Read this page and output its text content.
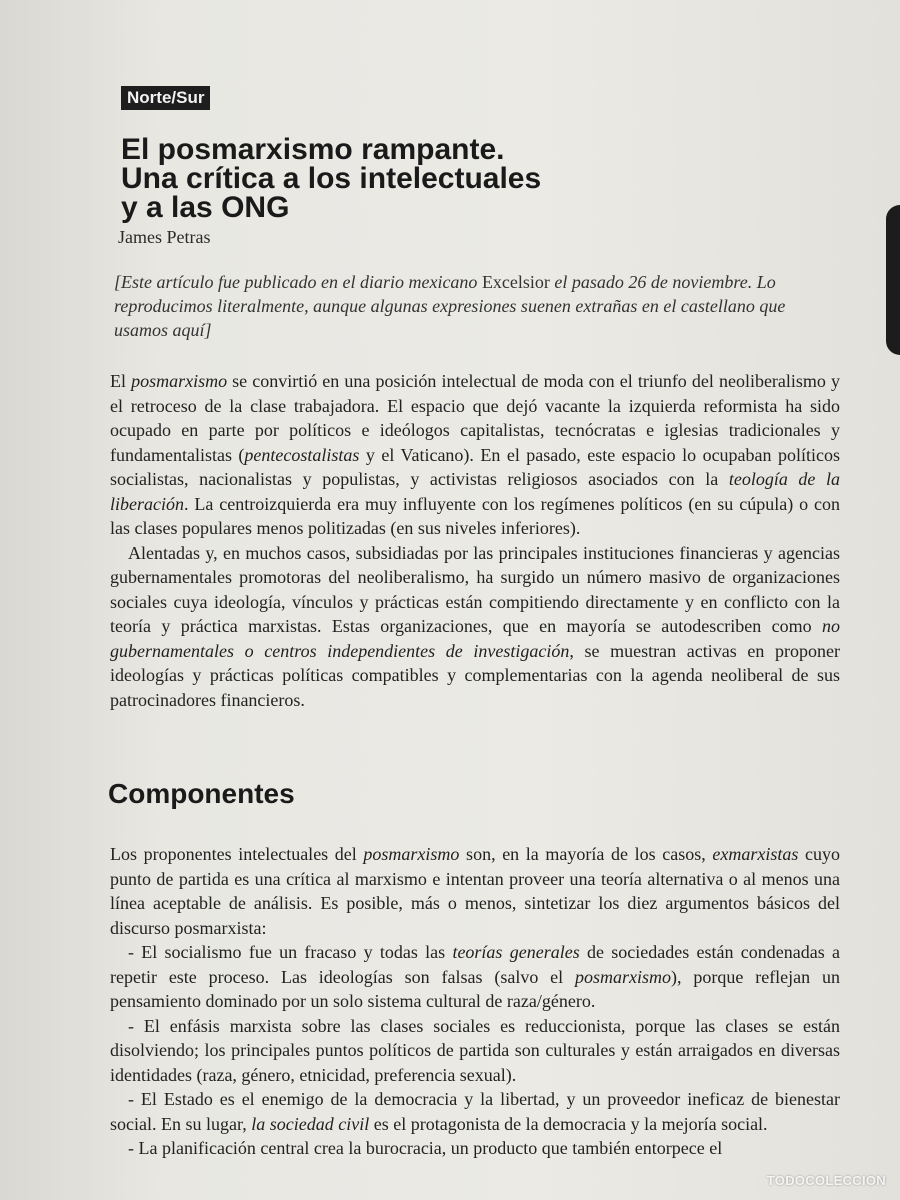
Norte/Sur
El posmarxismo rampante.
Una crítica a los intelectuales
y a las ONG
James Petras
[Este artículo fue publicado en el diario mexicano Excelsior el pasado 26 de noviembre. Lo reproducimos literalmente, aunque algunas expresiones suenen extrañas en el castellano que usamos aquí]

El posmarxismo se convirtió en una posición intelectual de moda con el triunfo del neoliberalismo y el retroceso de la clase trabajadora. El espacio que dejó vacante la izquierda reformista ha sido ocupado en parte por políticos e ideólogos capitalistas, tecnócratas e iglesias tradicionales y fundamentalistas (pentecostalistas y el Vaticano). En el pasado, este espacio lo ocupaban políticos socialistas, nacionalistas y populistas, y activistas religiosos asociados con la teología de la liberación. La centroizquierda era muy influyente con los regímenes políticos (en su cúpula) o con las clases populares menos politizadas (en sus niveles inferiores).

Alentadas y, en muchos casos, subsidiadas por las principales instituciones financieras y agencias gubernamentales promotoras del neoliberalismo, ha surgido un número masivo de organizaciones sociales cuya ideología, vínculos y prácticas están compitiendo directamente y en conflicto con la teoría y práctica marxistas. Estas organizaciones, que en mayoría se autodescriben como no gubernamentales o centros independientes de investigación, se muestran activas en proponer ideologías y prácticas políticas compatibles y complementarias con la agenda neoliberal de sus patrocinadores financieros.

Componentes

Los proponentes intelectuales del posmarxismo son, en la mayoría de los casos, exmarxistas cuyo punto de partida es una crítica al marxismo e intentan proveer una teoría alternativa o al menos una línea aceptable de análisis. Es posible, más o menos, sintetizar los diez argumentos básicos del discurso posmarxista:

- El socialismo fue un fracaso y todas las teorías generales de sociedades están condenadas a repetir este proceso. Las ideologías son falsas (salvo el posmarxismo), porque reflejan un pensamiento dominado por un solo sistema cultural de raza/género.

- El enfásis marxista sobre las clases sociales es reduccionista, porque las clases se están disolviendo; los principales puntos políticos de partida son culturales y están arraigados en diversas identidades (raza, género, etnicidad, preferencia sexual).

- El Estado es el enemigo de la democracia y la libertad, y un proveedor ineficaz de bienestar social. En su lugar, la sociedad civil es el protagonista de la democracia y la mejoría social.

- La planificación central crea la burocracia, un producto que también entorpece el

TODOCOLECCION
